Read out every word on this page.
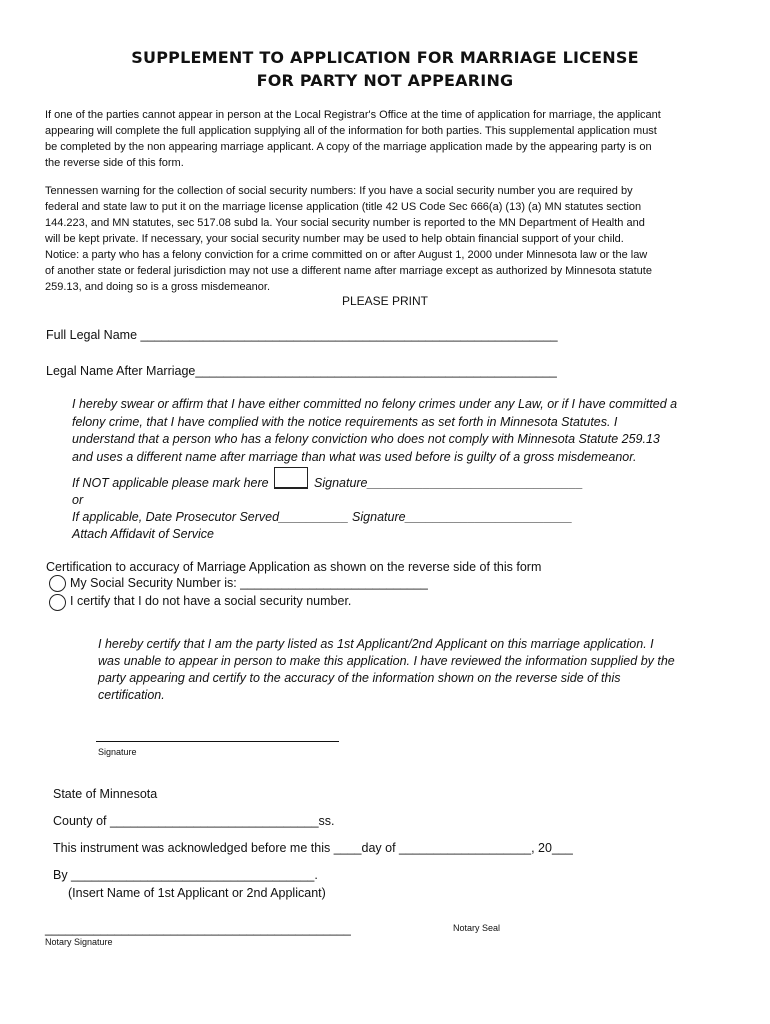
SUPPLEMENT TO APPLICATION FOR MARRIAGE LICENSE
FOR PARTY NOT APPEARING
If one of the parties cannot appear in person at the Local Registrar's Office at the time of application for marriage, the applicant
appearing will complete the full application supplying all of the information for both parties. This supplemental application must
be completed by the non appearing marriage applicant. A copy of the marriage application made by the appearing party is on
the reverse side of this form.
Tennessen warning for the collection of social security numbers: If you have a social security number you are required by
federal and state law to put it on the marriage license application (title 42 US Code Sec 666(a) (13) (a) MN statutes section
144.223, and MN statutes, sec 517.08 subd la. Your social security number is reported to the MN Department of Health and
will be kept private. If necessary, your social security number may be used to help obtain financial support of your child.
Notice: a party who has a felony conviction for a crime committed on or after August 1, 2000 under Minnesota law or the law
of another state or federal jurisdiction may not use a different name after marriage except as authorized by Minnesota statute
259.13, and doing so is a gross misdemeanor.
PLEASE PRINT
Full Legal Name ____________________________________________________________
Legal Name After Marriage____________________________________________________
I hereby swear or affirm that I have either committed no felony crimes under any Law, or if I have committed a
felony crime, that I have complied with the notice requirements as set forth in Minnesota Statutes. I
understand that a person who has a felony conviction who does not comply with Minnesota Statute 259.13
and uses a different name after marriage than what was used before is guilty of a gross misdemeanor.
If NOT applicable please mark here	Signature_______________________________
or
If applicable, Date Prosecutor Served__________ Signature________________________
Attach Affidavit of Service
Certification to accuracy of Marriage Application as shown on the reverse side of this form
My Social Security Number is: ___________________________
I certify that I do not have a social security number.
I hereby certify that I am the party listed as 1st Applicant/2nd Applicant on this marriage application. I
was unable to appear in person to make this application. I have reviewed the information supplied by the
party appearing and certify to the accuracy of the information shown on the reverse side of this
certification.
Signature
State of Minnesota
County of ______________________________ss.
This instrument was acknowledged before me this ____day of ___________________, 20___
By ___________________________________.
(Insert Name of 1st Applicant or 2nd Applicant)
____________________________________________
Notary Signature
Notary Seal
